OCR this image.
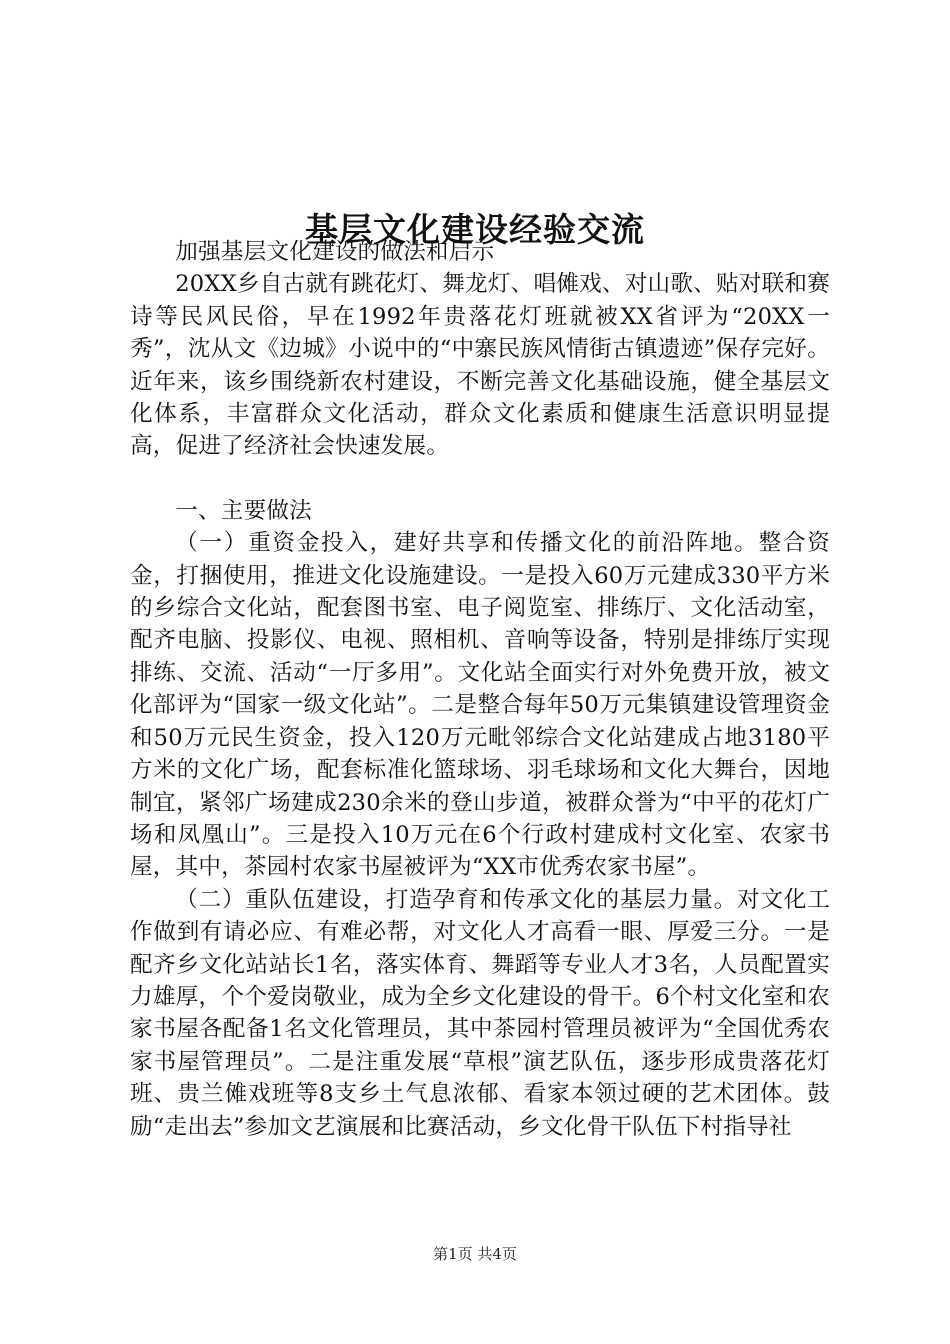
基层文化建设经验交流

加强基层文化建设的做法和启示

20XX乡自古就有跳花灯、舞龙灯、唱傩戏、对山歌、贴对联和赛诗等民风民俗，早在1992年贵落花灯班就被XX省评为“20XX一秀”，沈从文《边城》小说中的“中寨民族风情街古镇遗迹”保存完好。近年来，该乡围绕新农村建设，不断完善文化基础设施，健全基层文化体系，丰富群众文化活动，群众文化素质和健康生活意识明显提高，促进了经济社会快速发展。

一、主要做法

（一）重资金投入，建好共享和传播文化的前沿阵地。整合资金，打捆使用，推进文化设施建设。一是投入60万元建成330平方米的乡综合文化站，配套图书室、电子阅览室、排练厅、文化活动室，配齐电脑、投影仪、电视、照相机、音响等设备，特别是排练厅实现排练、交流、活动“一厅多用”。文化站全面实行对外免费开放，被文化部评为“国家一级文化站”。二是整合每年50万元集镇建设管理资金和50万元民生资金，投入120万元毗邻综合文化站建成占地3180平方米的文化广场，配套标准化篮球场、羽毛球场和文化大舞台，因地制宜，紧邻广场建成230余米的登山步道，被群众誉为“中平的花灯广场和凤凰山”。三是投入10万元在6个行政村建成村文化室、农家书屋，其中，茶园村农家书屋被评为“XX市优秀农家书屋”。

（二）重队伍建设，打造孕育和传承文化的基层力量。对文化工作做到有请必应、有难必帮，对文化人才高看一眼、厚爱三分。一是配齐乡文化站站长1名，落实体育、舞蹈等专业人才3名，人员配置实力雄厚，个个爱岗敬业，成为全乡文化建设的骨干。6个村文化室和农家书屋各配备1名文化管理员，其中茶园村管理员被评为“全国优秀农家书屋管理员”。二是注重发展“草根”演艺队伍，逐步形成贵落花灯班、贵兰傩戏班等8支乡土气息浓郁、看家本领过硬的艺术团体。鼓励“走出去”参加文艺演展和比赛活动，乡文化骨干队伍下村指导社

第1页 共4页
